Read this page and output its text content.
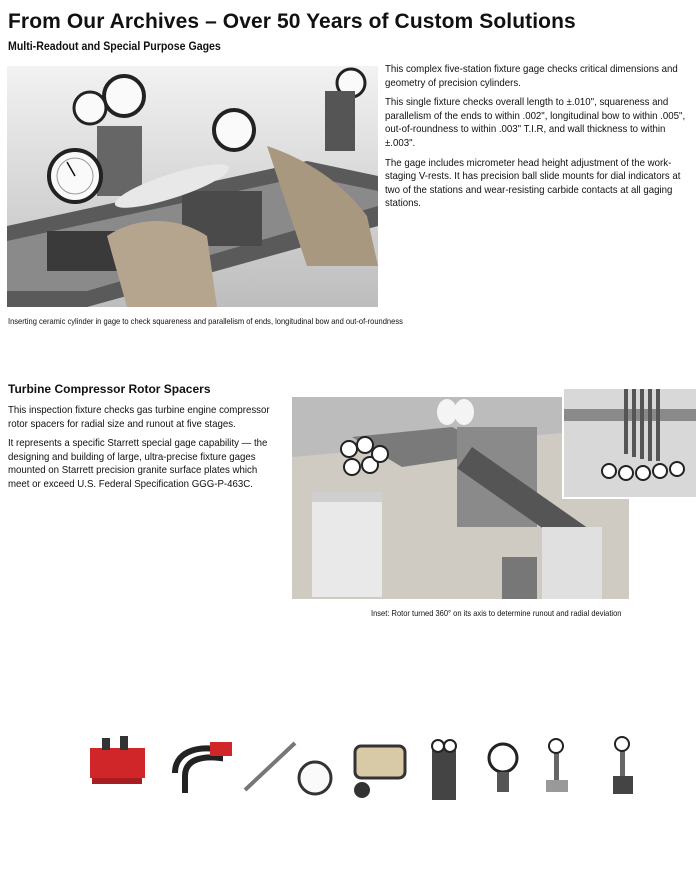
From Our Archives – Over 50 Years of Custom Solutions
Multi-Readout and Special Purpose Gages

This complex five-station fixture gage checks critical dimensions and geometry of precision cylinders.

This single fixture checks overall length to ±.010", squareness and parallelism of the ends to within .002", longitudinal bow to within .005", out-of-roundness to within .003" T.I.R, and wall thickness to within ±.003".

The gage includes micrometer head height adjustment of the work-staging V-rests. It has precision ball slide mounts for dial indicators at two of the stations and wear-resisting carbide contacts at all gaging stations.

Inserting ceramic cylinder in gage to check squareness and parallelism of ends, longitudinal bow and out-of-roundness
Turbine Compressor Rotor Spacers

This inspection fixture checks gas turbine engine compressor rotor spacers for radial size and runout at five stages.

It represents a specific Starrett special gage capability — the designing and building of large, ultra-precise fixture gages mounted on Starrett precision granite surface plates which meet or exceed U.S. Federal Specification GGG-P-463C.

Inset: Rotor turned 360° on its axis to determine runout and radial deviation
